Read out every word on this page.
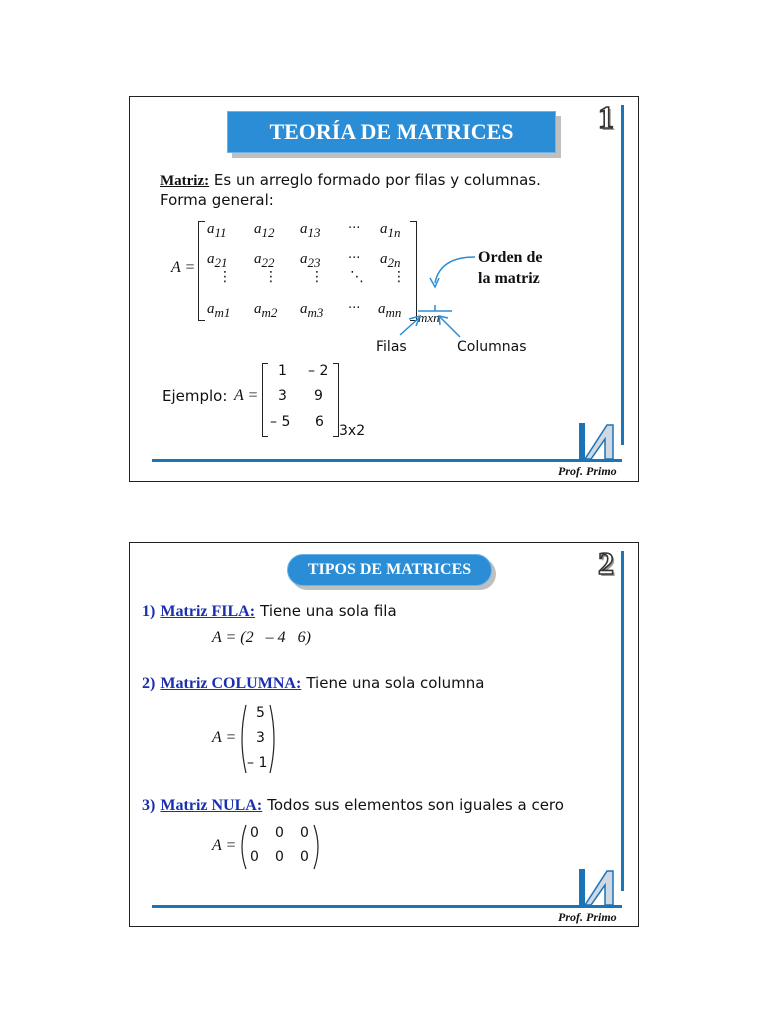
TEORÍA DE MATRICES	1
Matriz: Es un arreglo formado por filas y columnas.
Forma general:
A =
$a_{11}$ $a_{12}$ $a_{13}$ ··· $a_{1n}$
$a_{21}$ $a_{22}$ $a_{23}$ ··· $a_{2n}$
⋮ ⋮ ⋮ ⋱ ⋮
$a_{m1}$ $a_{m2}$ $a_{m3}$ ··· $a_{mn}$ mxn
Orden de
la matriz
Filas	Columnas
Ejemplo: A =
1 – 2
3 9
– 5 6
3x2
Prof. Primo
TIPOS DE MATRICES	2
1) Matriz FILA: Tiene una sola fila
A = (2   – 4   6)
2) Matriz COLUMNA: Tiene una sola columna
A =
5
3
– 1
3) Matriz NULA: Todos sus elementos son iguales a cero
A =
0 0 0
0 0 0
Prof. Primo
